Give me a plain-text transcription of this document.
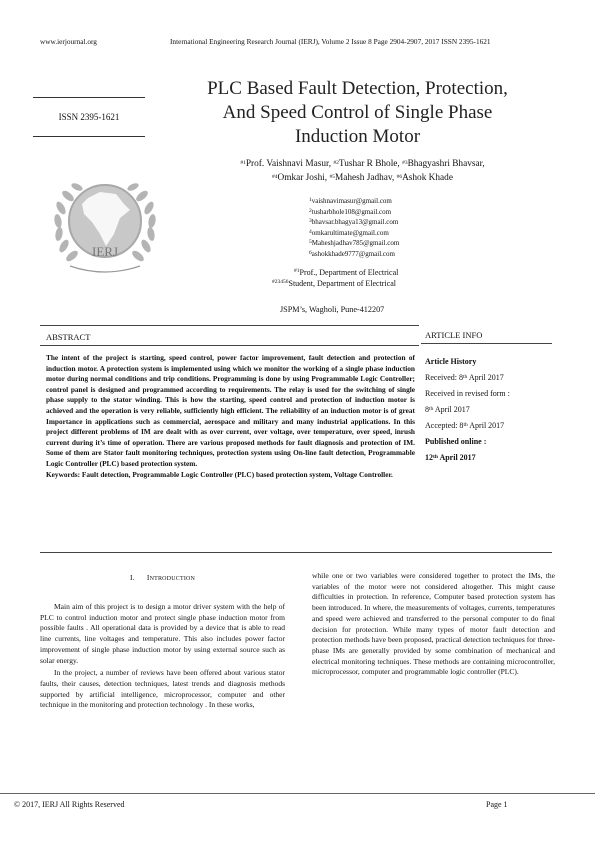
www.ierjournal.org	International Engineering Research Journal (IERJ), Volume 2 Issue 8 Page 2904-2907, 2017 ISSN 2395-1621
ISSN 2395-1621
PLC Based Fault Detection, Protection,
And Speed Control of Single Phase
Induction Motor
$^{\#1}$Prof. Vaishnavi Masur, $^{\#2}$Tushar R Bhole, $^{\#3}$Bhagyashri Bhavsar,
$^{\#4}$Omkar Joshi, $^{\#5}$Mahesh Jadhav, $^{\#6}$Ashok Khade
IERJ
$^1$vaishnavimasur@gmail.com
$^2$tusharbhole108@gmail.com
$^3$bhavsar.bhagya13@gmail.com
$^4$omkarultimate@gmail.com
$^5$Maheshjadhav785@gmail.com
$^6$ashokkhade9777@gmail.com
$^{\#1}$Prof., Department of Electrical
$^{\#23456}$Student, Department of Electrical
JSPM’s, Wagholi, Pune-412207
ABSTRACT	ARTICLE INFO

The intent of the project is starting, speed control, power factor improvement, fault detection and protection of induction motor. A protection system is implemented using which we monitor the working of a single phase induction motor during normal conditions and trip conditions. Programming is done by using Programmable Logic Controller; control panel is designed and programmed according to requirements. The relay is used for the switching of single phase supply to the stator winding. This is how the starting, speed control and protection of induction motor is achieved and the operation is very reliable, sufficiently high efficient. The reliability of an induction motor is of great Importance in applications such as commercial, aerospace and military and many industrial applications. In this project different problems of IM are dealt with as over current, over voltage, over temperature, over speed, inrush current during it’s time of operation. There are various proposed methods for fault diagnosis and protection of IM. Some of them are Stator fault monitoring techniques, protection system using On-line fault detection, Programmable Logic Controller (PLC) based protection system.

Keywords: Fault detection, Programmable Logic Controller (PLC) based protection system, Voltage Controller.

Article History
Received: 8th April 2017
Received in revised form :
8th April 2017
Accepted: 8th April 2017
Published online :
12th April 2017
I. INTRODUCTION

Main aim of this project is to design a motor driver system with the help of PLC to control induction motor and protect single phase induction motor from possible faults . All operational data is provided by a device that is able to read line currents, line voltages and temperature. This also includes power factor improvement of single phase induction motor by using external source such as solar energy.

In the project, a number of reviews have been offered about various stator faults, their causes, detection techniques, latest trends and diagnosis methods supported by artificial intelligence, microprocessor, computer and other technique in the monitoring and protection technology . In these works,

while one or two variables were considered together to protect the IMs, the variables of the motor were not considered altogether. This might cause difficulties in protection. In reference, Computer based protection system has been introduced. In where, the measurements of voltages, currents, temperatures and speed were achieved and transferred to the personal computer to do final decision for protection. While many types of motor fault detection and protection methods have been proposed, practical detection techniques for three-phase IMs are generally provided by some combination of mechanical and electrical monitoring techniques. These methods are containing microcontroller, microprocessor, computer and programmable logic controller (PLC).

© 2017, IERJ All Rights Reserved	Page 1
